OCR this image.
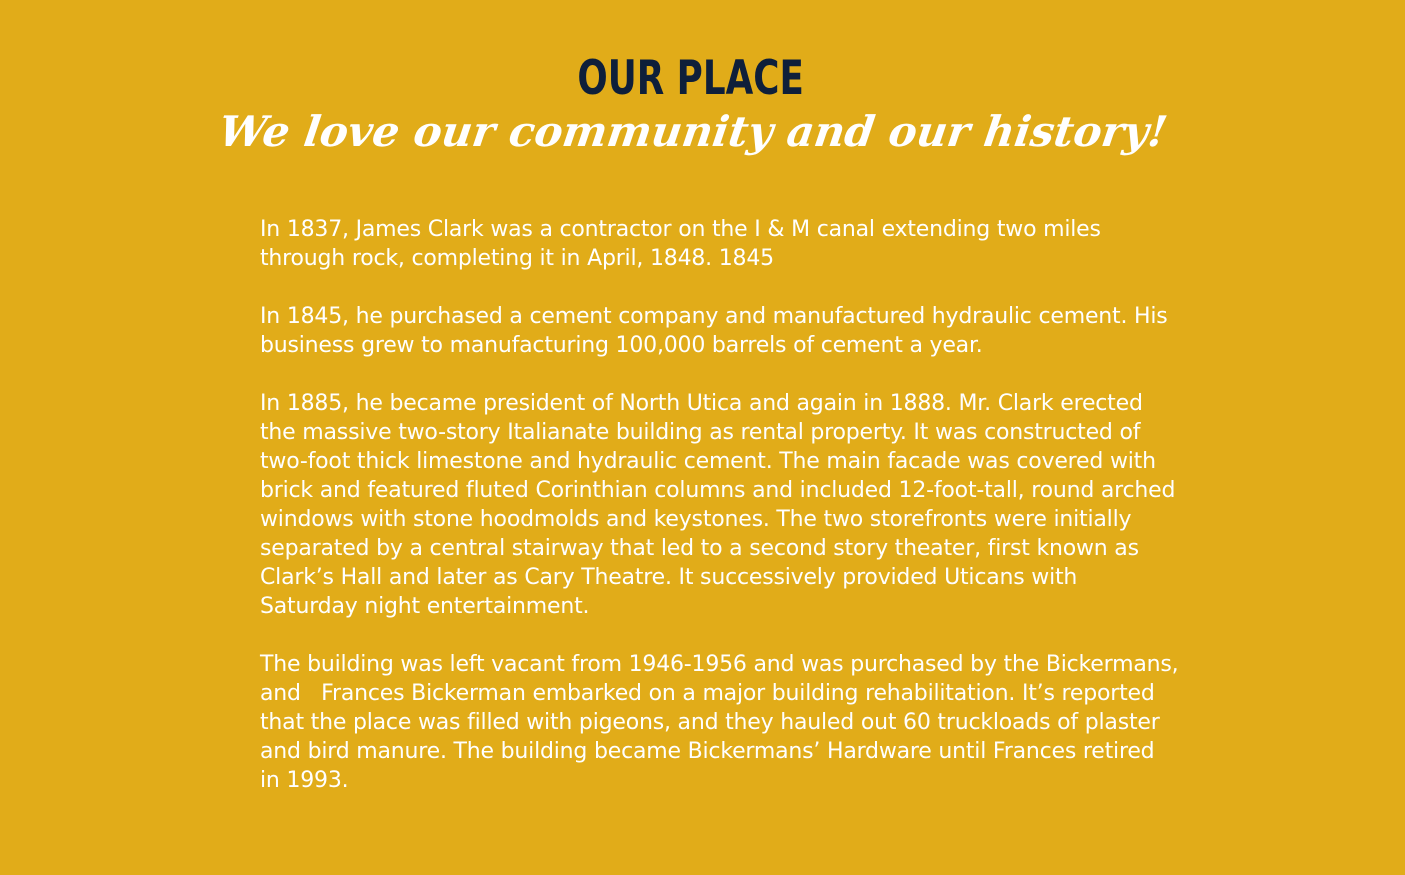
OUR PLACE
We love our community and our history!

In 1837, James Clark was a contractor on the I & M canal extending two miles through rock, completing it in April, 1848. 1845

In 1845, he purchased a cement company and manufactured hydraulic cement. His business grew to manufacturing 100,000 barrels of cement a year.

In 1885, he became president of North Utica and again in 1888. Mr. Clark erected the massive two-story Italianate building as rental property. It was constructed of two-foot thick limestone and hydraulic cement. The main facade was covered with brick and featured fluted Corinthian columns and included 12-foot-tall, round arched windows with stone hoodmolds and keystones. The two storefronts were initially separated by a central stairway that led to a second story theater, first known as Clark’s Hall and later as Cary Theatre. It successively provided Uticans with Saturday night entertainment.

The building was left vacant from 1946-1956 and was purchased by the Bickermans, and   Frances Bickerman embarked on a major building rehabilitation. It’s reported that the place was filled with pigeons, and they hauled out 60 truckloads of plaster and bird manure. The building became Bickermans’ Hardware until Frances retired in 1993.
